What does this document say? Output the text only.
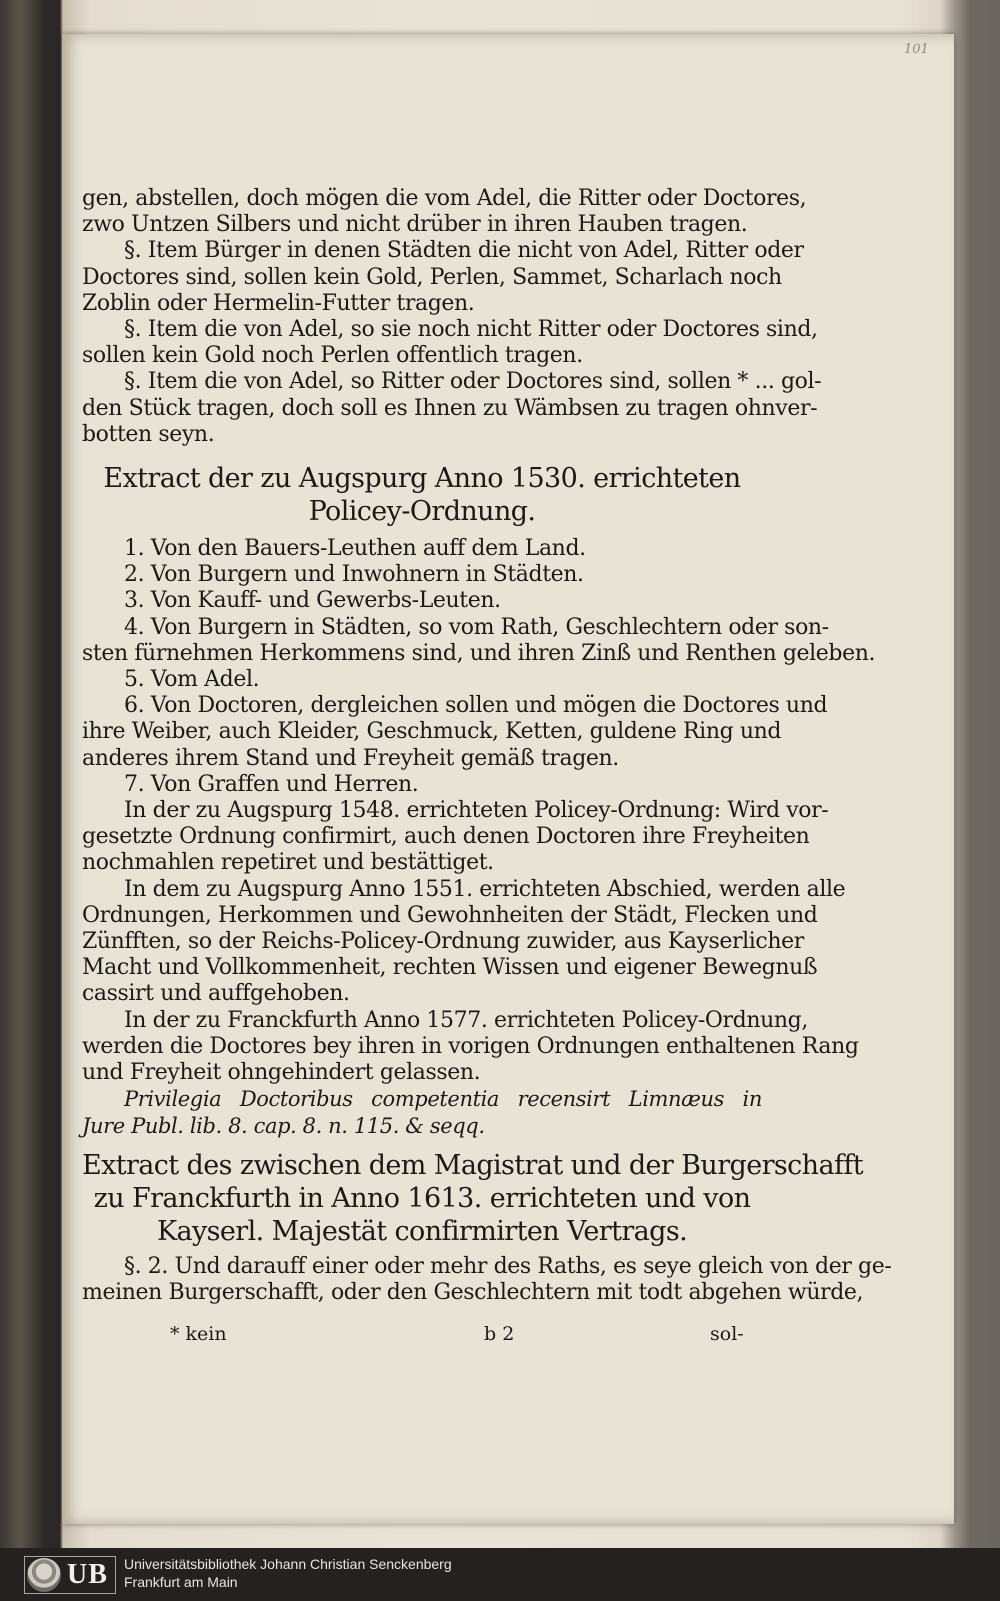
101
gen, abstellen, doch mögen die vom Adel, die Ritter oder Doctores,
zwo Untzen Silbers und nicht drüber in ihren Hauben tragen.
§. Item Bürger in denen Städten die nicht von Adel, Ritter oder
Doctores sind, sollen kein Gold, Perlen, Sammet, Scharlach noch
Zoblin oder Hermelin-Futter tragen.
§. Item die von Adel, so sie noch nicht Ritter oder Doctores sind,
sollen kein Gold noch Perlen offentlich tragen.
§. Item die von Adel, so Ritter oder Doctores sind, sollen * ... gol-
den Stück tragen, doch soll es Ihnen zu Wämbsen zu tragen ohnver-
botten seyn.
Extract der zu Augspurg Anno 1530. errichteten
Policey-Ordnung.
1. Von den Bauers-Leuthen auff dem Land.
2. Von Burgern und Inwohnern in Städten.
3. Von Kauff- und Gewerbs-Leuten.
4. Von Burgern in Städten, so vom Rath, Geschlechtern oder son-
sten fürnehmen Herkommens sind, und ihren Zinß und Renthen geleben.
5. Vom Adel.
6. Von Doctoren, dergleichen sollen und mögen die Doctores und
ihre Weiber, auch Kleider, Geschmuck, Ketten, guldene Ring und
anderes ihrem Stand und Freyheit gemäß tragen.
7. Von Graffen und Herren.
In der zu Augspurg 1548. errichteten Policey-Ordnung: Wird vor-
gesetzte Ordnung confirmirt, auch denen Doctoren ihre Freyheiten
nochmahlen repetiret und bestättiget.
In dem zu Augspurg Anno 1551. errichteten Abschied, werden alle
Ordnungen, Herkommen und Gewohnheiten der Städt, Flecken und
Zünfften, so der Reichs-Policey-Ordnung zuwider, aus Kayserlicher
Macht und Vollkommenheit, rechten Wissen und eigener Bewegnuß
cassirt und auffgehoben.
In der zu Franckfurth Anno 1577. errichteten Policey-Ordnung,
werden die Doctores bey ihren in vorigen Ordnungen enthaltenen Rang
und Freyheit ohngehindert gelassen.
Privilegia Doctoribus competentia recensirt Limnæus in
Jure Publ. lib. 8. cap. 8. n. 115. & seqq.
Extract des zwischen dem Magistrat und der Burgerschafft
zu Franckfurth in Anno 1613. errichteten und von
Kayserl. Majestät confirmirten Vertrags.
§. 2. Und darauff einer oder mehr des Raths, es seye gleich von der ge-
meinen Burgerschafft, oder den Geschlechtern mit todt abgehen würde,
* kein	b 2	sol-
UB Universitätsbibliothek Johann Christian Senckenberg
Frankfurt am Main
